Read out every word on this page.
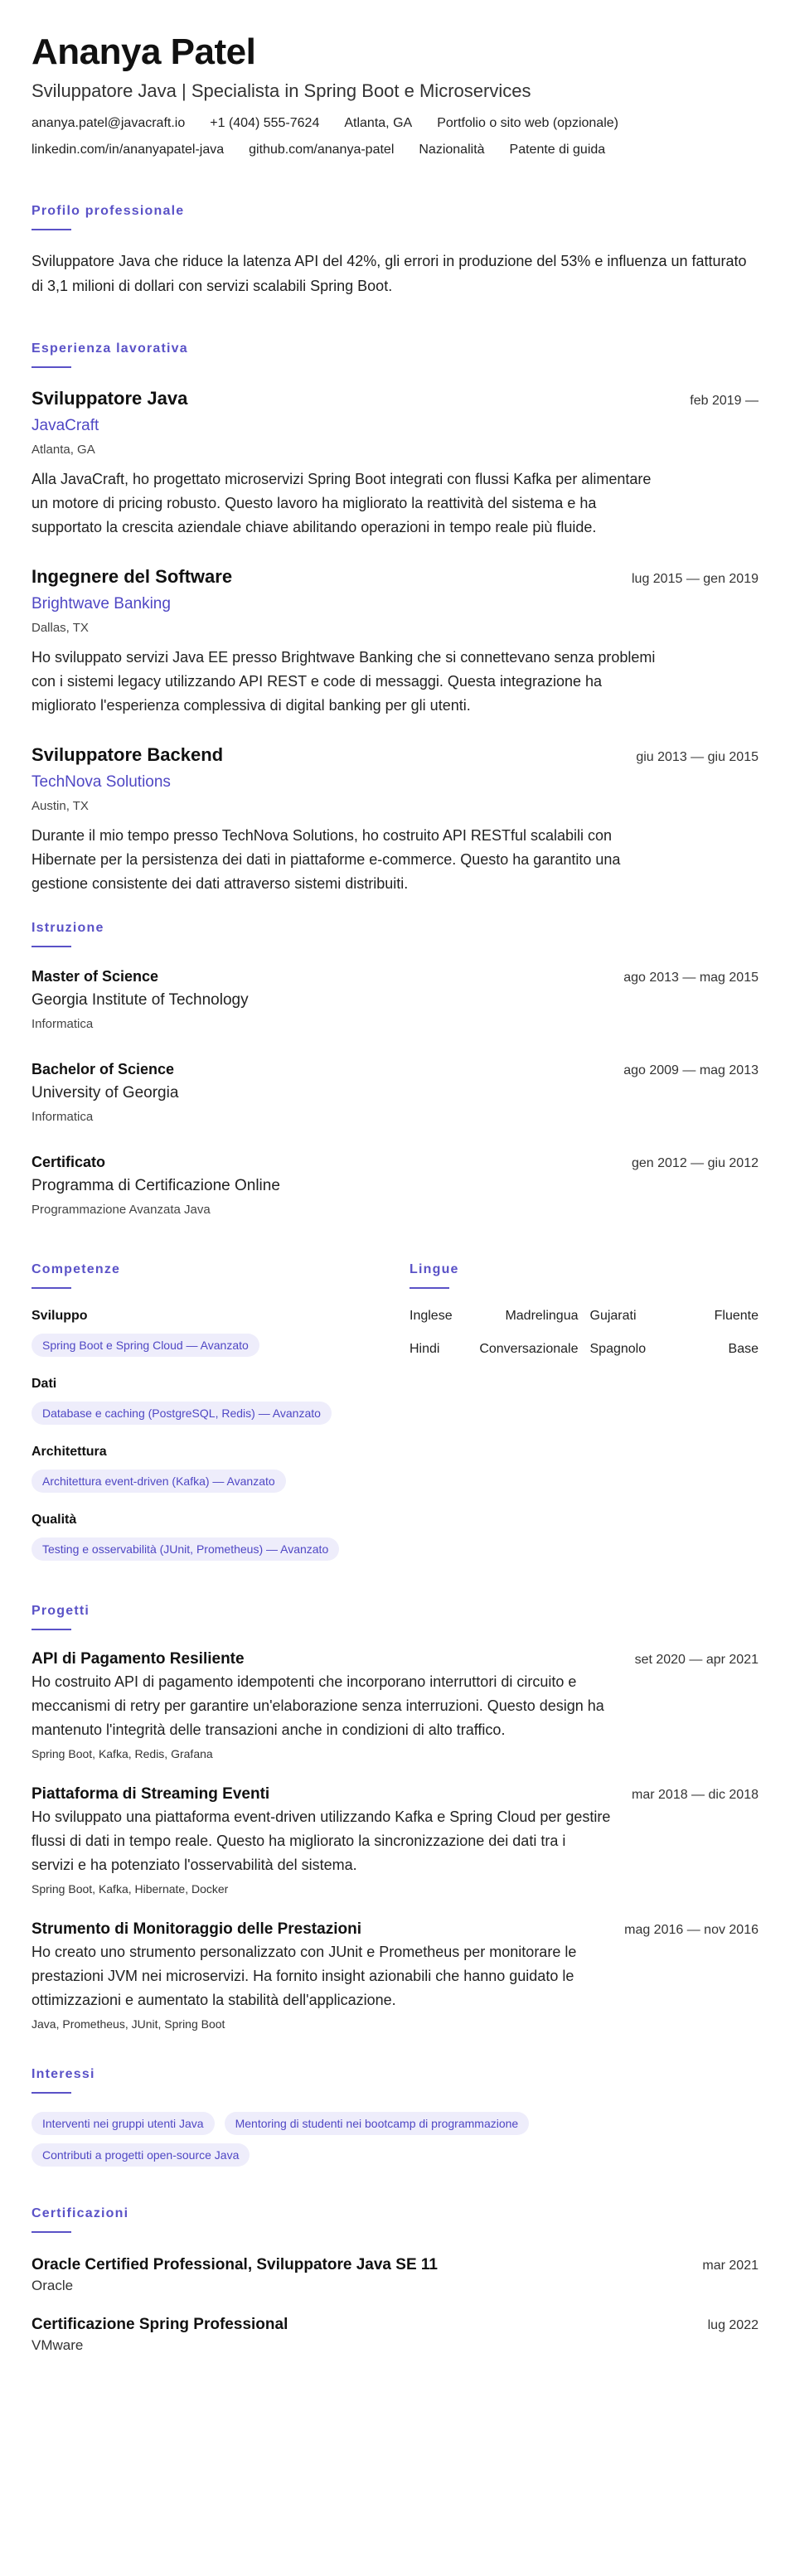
Ananya Patel
Sviluppatore Java | Specialista in Spring Boot e Microservices
ananya.patel@javacraft.io +1 (404) 555-7624 Atlanta, GA Portfolio o sito web (opzionale)
linkedin.com/in/ananyapatel-java github.com/ananya-patel Nazionalità Patente di guida
Profilo professionale
Sviluppatore Java che riduce la latenza API del 42%, gli errori in produzione del 53% e influenza un fatturato di 3,1 milioni di dollari con servizi scalabili Spring Boot.
Esperienza lavorativa
Sviluppatore Java	feb 2019 —
JavaCraft
Atlanta, GA
Alla JavaCraft, ho progettato microservizi Spring Boot integrati con flussi Kafka per alimentare un motore di pricing robusto. Questo lavoro ha migliorato la reattività del sistema e ha supportato la crescita aziendale chiave abilitando operazioni in tempo reale più fluide.
Ingegnere del Software	lug 2015 — gen 2019
Brightwave Banking
Dallas, TX
Ho sviluppato servizi Java EE presso Brightwave Banking che si connettevano senza problemi con i sistemi legacy utilizzando API REST e code di messaggi. Questa integrazione ha migliorato l'esperienza complessiva di digital banking per gli utenti.
Sviluppatore Backend	giu 2013 — giu 2015
TechNova Solutions
Austin, TX
Durante il mio tempo presso TechNova Solutions, ho costruito API RESTful scalabili con Hibernate per la persistenza dei dati in piattaforme e-commerce. Questo ha garantito una gestione consistente dei dati attraverso sistemi distribuiti.
Istruzione
Master of Science	ago 2013 — mag 2015
Georgia Institute of Technology
Informatica
Bachelor of Science	ago 2009 — mag 2013
University of Georgia
Informatica
Certificato	gen 2012 — giu 2012
Programma di Certificazione Online
Programmazione Avanzata Java
Competenze
Sviluppo
Spring Boot e Spring Cloud — Avanzato
Dati
Database e caching (PostgreSQL, Redis) — Avanzato
Architettura
Architettura event-driven (Kafka) — Avanzato
Qualità
Testing e osservabilità (JUnit, Prometheus) — Avanzato
Lingue
Inglese	Madrelingua Gujarati	Fluente
Hindi	Conversazionale Spagnolo	Base
Progetti
API di Pagamento Resiliente	set 2020 — apr 2021
Ho costruito API di pagamento idempotenti che incorporano interruttori di circuito e meccanismi di retry per garantire un'elaborazione senza interruzioni. Questo design ha mantenuto l'integrità delle transazioni anche in condizioni di alto traffico.
Spring Boot, Kafka, Redis, Grafana
Piattaforma di Streaming Eventi	mar 2018 — dic 2018
Ho sviluppato una piattaforma event-driven utilizzando Kafka e Spring Cloud per gestire flussi di dati in tempo reale. Questo ha migliorato la sincronizzazione dei dati tra i servizi e ha potenziato l'osservabilità del sistema.
Spring Boot, Kafka, Hibernate, Docker
Strumento di Monitoraggio delle Prestazioni	mag 2016 — nov 2016
Ho creato uno strumento personalizzato con JUnit e Prometheus per monitorare le prestazioni JVM nei microservizi. Ha fornito insight azionabili che hanno guidato le ottimizzazioni e aumentato la stabilità dell'applicazione.
Java, Prometheus, JUnit, Spring Boot
Interessi
Interventi nei gruppi utenti Java	Mentoring di studenti nei bootcamp di programmazione
Contributi a progetti open-source Java
Certificazioni
Oracle Certified Professional, Sviluppatore Java SE 11	mar 2021
Oracle
Certificazione Spring Professional	lug 2022
VMware
